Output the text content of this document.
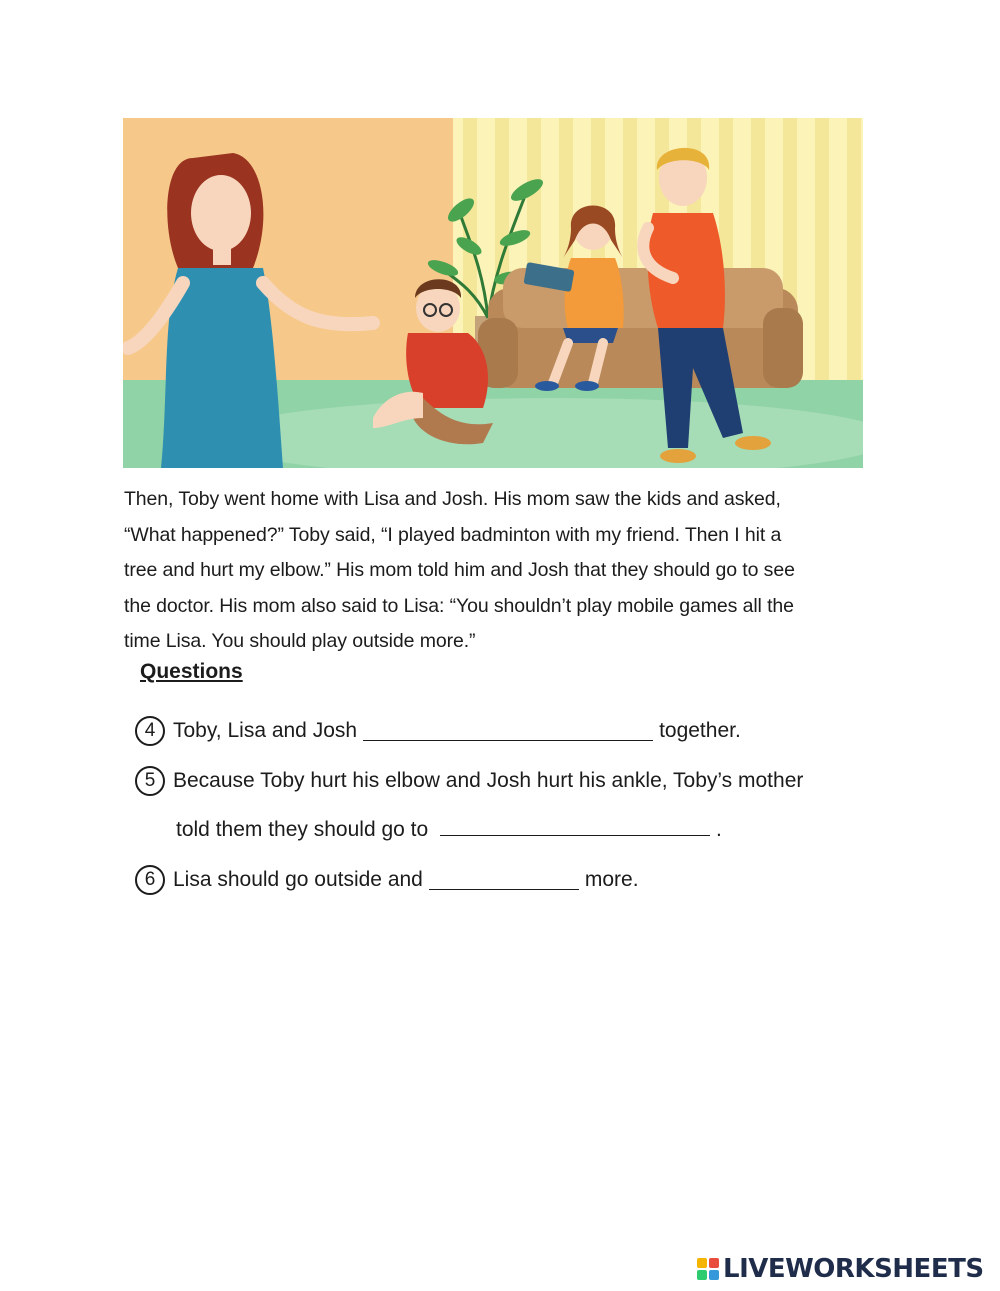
Then, Toby went home with Lisa and Josh. His mom saw the kids and asked,

“What happened?” Toby said, “I played badminton with my friend. Then I hit a

tree and hurt my elbow.” His mom told him and Josh that they should go to see

the doctor. His mom also said to Lisa: “You shouldn’t play mobile games all the

time Lisa. You should play outside more.”

Questions
4 Toby, Lisa and Josh	together.
5 Because Toby hurt his elbow and Josh hurt his ankle, Toby’s mother
told them they should go to	.
6 Lisa should go outside and	more.
LIVEWORKSHEETS
